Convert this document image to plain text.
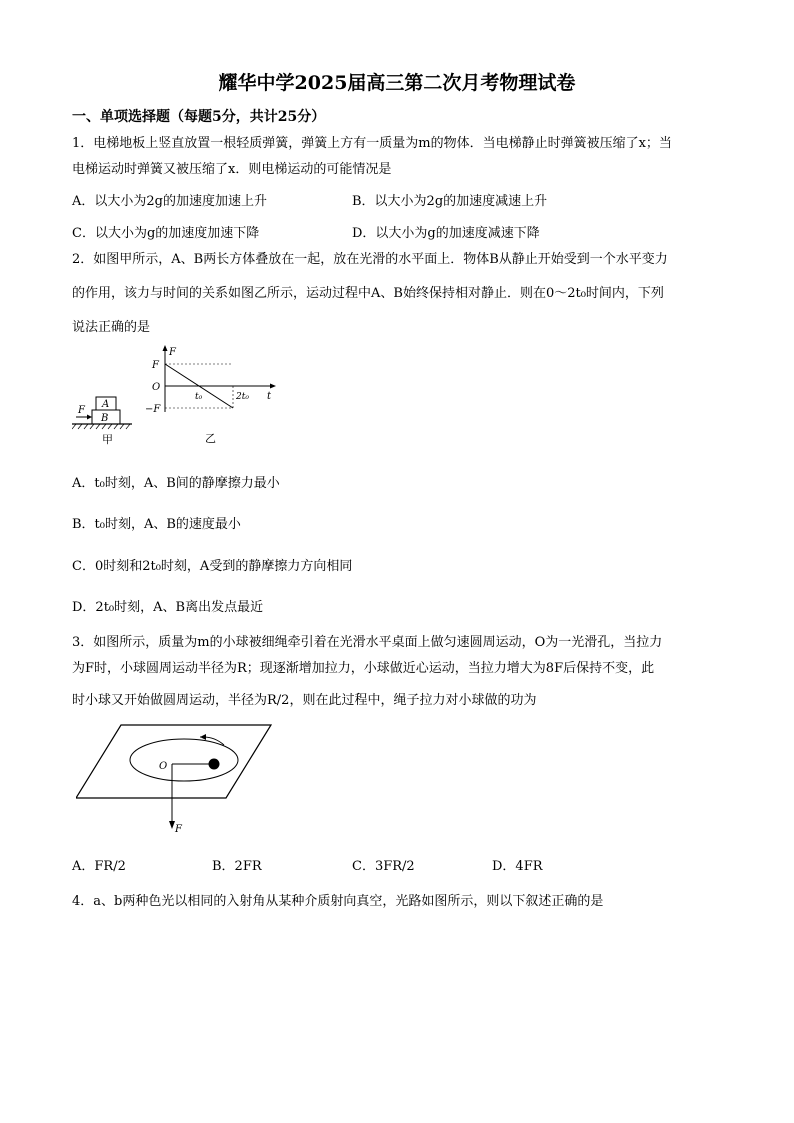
耀华中学2025届高三第二次月考物理试卷
一、单项选择题（每题5分，共计25分）
1．电梯地板上竖直放置一根轻质弹簧，弹簧上方有一质量为m的物体．当电梯静止时弹簧被压缩了x；当
电梯运动时弹簧又被压缩了x．则电梯运动的可能情况是
A．以大小为2g的加速度加速上升	B．以大小为2g的加速度减速上升
C．以大小为g的加速度加速下降	D．以大小为g的加速度减速下降
2．如图甲所示，A、B两长方体叠放在一起，放在光滑的水平面上．物体B从静止开始受到一个水平变力
的作用，该力与时间的关系如图乙所示，运动过程中A、B始终保持相对静止．则在0～2t₀时间内，下列
说法正确的是
A
B
F
甲
F
F
O
−F
t₀	2t₀ t
乙
A．t₀时刻，A、B间的静摩擦力最小
B．t₀时刻，A、B的速度最小
C．0时刻和2t₀时刻，A受到的静摩擦力方向相同
D．2t₀时刻，A、B离出发点最近
3．如图所示，质量为m的小球被细绳牵引着在光滑水平桌面上做匀速圆周运动，O为一光滑孔，当拉力
为F时，小球圆周运动半径为R；现逐渐增加拉力，小球做近心运动，当拉力增大为8F后保持不变，此
时小球又开始做圆周运动，半径为R/2，则在此过程中，绳子拉力对小球做的功为
O
F
A．FR/2	B．2FR	C．3FR/2	D．4FR
4．a、b两种色光以相同的入射角从某种介质射向真空，光路如图所示，则以下叙述正确的是
